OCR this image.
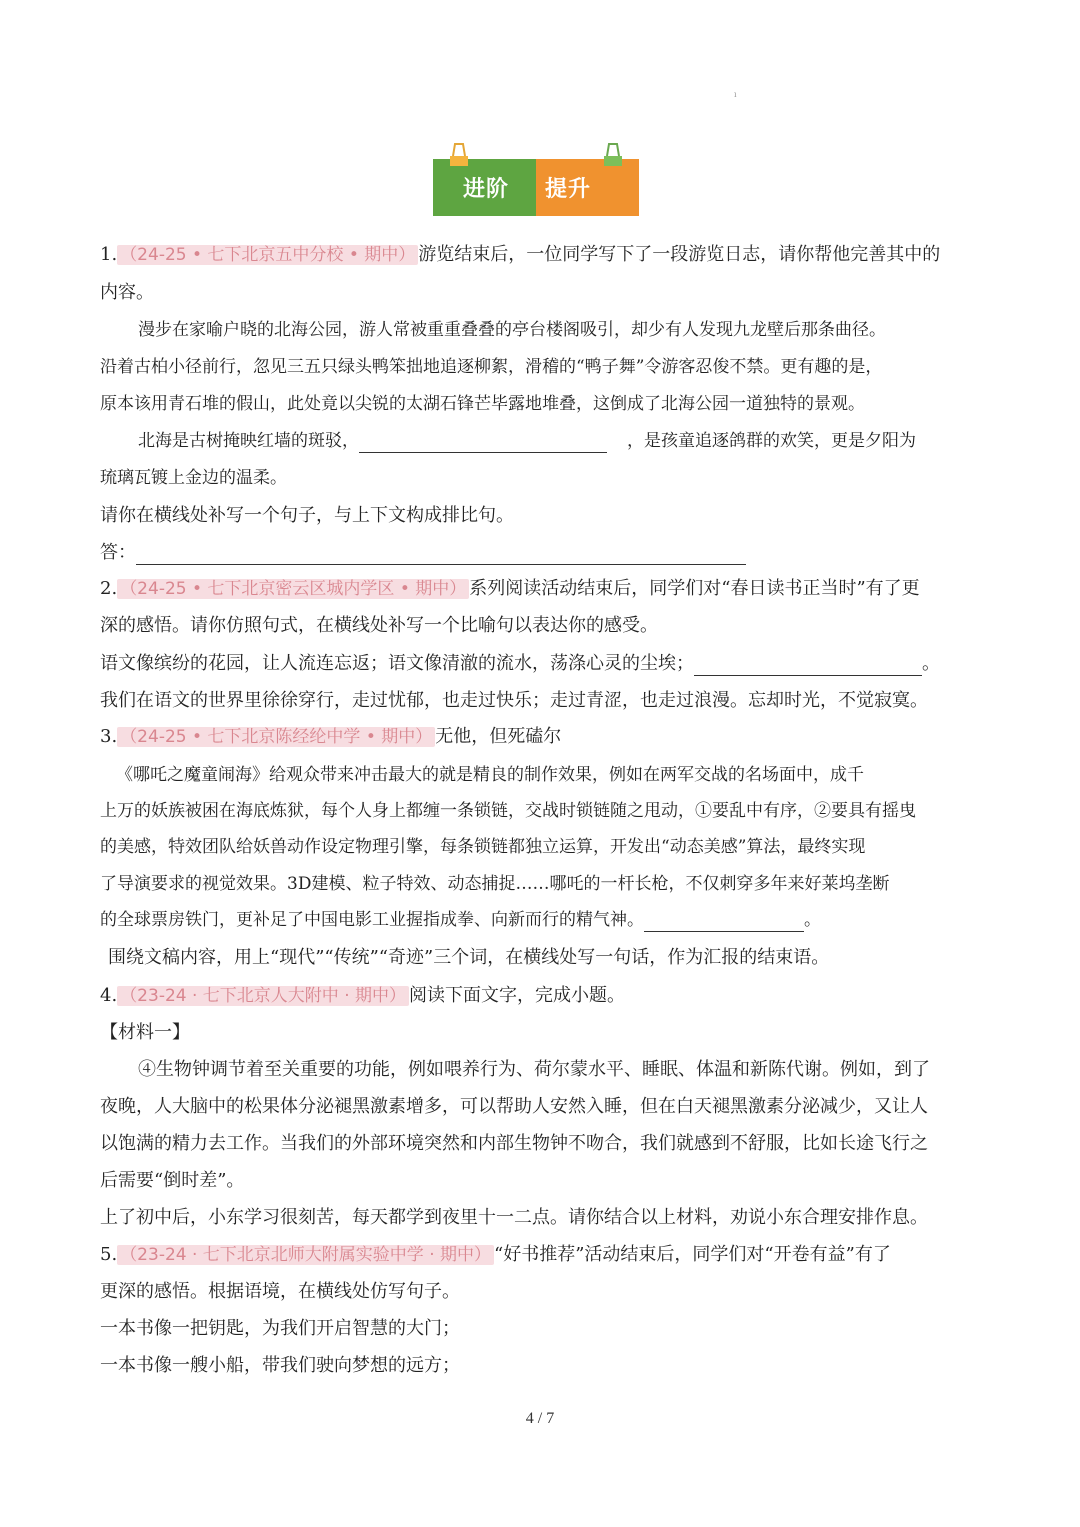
ı
进阶 提升
1. （24-25 • 七下北京五中分校 • 期中） 游览结束后，一位同学写下了一段游览日志，请你帮他完善其中的
内容。
漫步在家喻户晓的北海公园，游人常被重重叠叠的亭台楼阁吸引，却少有人发现九龙壁后那条曲径。
沿着古柏小径前行，忽见三五只绿头鸭笨拙地追逐柳絮，滑稽的“鸭子舞”令游客忍俊不禁。更有趣的是，
原本该用青石堆的假山，此处竟以尖锐的太湖石锋芒毕露地堆叠，这倒成了北海公园一道独特的景观。
北海是古树掩映红墙的斑驳，	，是孩童追逐鸽群的欢笑，更是夕阳为
琉璃瓦镀上金边的温柔。
请你在横线处补写一个句子，与上下文构成排比句。
答：
2. （24-25 • 七下北京密云区城内学区 • 期中） 系列阅读活动结束后，同学们对“春日读书正当时”有了更
深的感悟。请你仿照句式，在横线处补写一个比喻句以表达你的感受。
语文像缤纷的花园，让人流连忘返；语文像清澈的流水，荡涤心灵的尘埃；	。
我们在语文的世界里徐徐穿行，走过忧郁，也走过快乐；走过青涩，也走过浪漫。忘却时光，不觉寂寞。
3. （24-25 • 七下北京陈经纶中学 • 期中） 无他，但死磕尔
《哪吒之魔童闹海》给观众带来冲击最大的就是精良的制作效果，例如在两军交战的名场面中，成千
上万的妖族被困在海底炼狱，每个人身上都缠一条锁链，交战时锁链随之甩动，①要乱中有序，②要具有摇曳
的美感，特效团队给妖兽动作设定物理引擎，每条锁链都独立运算，开发出“动态美感”算法，最终实现
了导演要求的视觉效果。3D建模、粒子特效、动态捕捉……哪吒的一杆长枪，不仅刺穿多年来好莱坞垄断
的全球票房铁门，更补足了中国电影工业握指成拳、向新而行的精气神。	。
围绕文稿内容，用上“现代”“传统”“奇迹”三个词，在横线处写一句话，作为汇报的结束语。
4. （23-24 · 七下北京人大附中 · 期中） 阅读下面文字，完成小题。
【材料一】
④生物钟调节着至关重要的功能，例如喂养行为、荷尔蒙水平、睡眠、体温和新陈代谢。例如，到了
夜晚，人大脑中的松果体分泌褪黑激素增多，可以帮助人安然入睡，但在白天褪黑激素分泌减少，又让人
以饱满的精力去工作。当我们的外部环境突然和内部生物钟不吻合，我们就感到不舒服，比如长途飞行之
后需要“倒时差”。
上了初中后，小东学习很刻苦，每天都学到夜里十一二点。请你结合以上材料，劝说小东合理安排作息。
5. （23-24 · 七下北京北师大附属实验中学 · 期中） “好书推荐”活动结束后，同学们对“开卷有益”有了
更深的感悟。根据语境，在横线处仿写句子。
一本书像一把钥匙，为我们开启智慧的大门；
一本书像一艘小船，带我们驶向梦想的远方；
4 / 7
